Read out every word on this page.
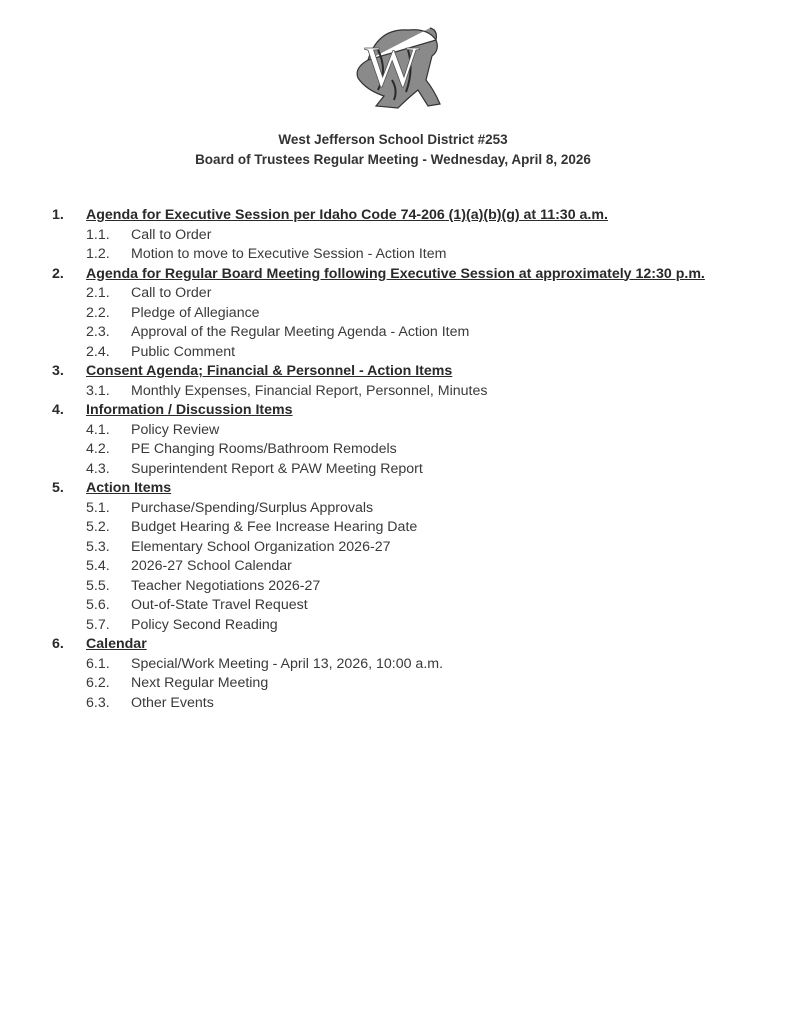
W
West Jefferson School District #253
Board of Trustees Regular Meeting - Wednesday, April 8, 2026
1. Agenda for Executive Session per Idaho Code 74-206 (1)(a)(b)(g) at 11:30 a.m.
1.1. Call to Order
1.2. Motion to move to Executive Session - Action Item
2. Agenda for Regular Board Meeting following Executive Session at approximately 12:30 p.m.
2.1. Call to Order
2.2. Pledge of Allegiance
2.3. Approval of the Regular Meeting Agenda - Action Item
2.4. Public Comment
3. Consent Agenda; Financial & Personnel - Action Items
3.1. Monthly Expenses, Financial Report, Personnel, Minutes
4. Information / Discussion Items
4.1. Policy Review
4.2. PE Changing Rooms/Bathroom Remodels
4.3. Superintendent Report & PAW Meeting Report
5. Action Items
5.1. Purchase/Spending/Surplus Approvals
5.2. Budget Hearing & Fee Increase Hearing Date
5.3. Elementary School Organization 2026-27
5.4. 2026-27 School Calendar
5.5. Teacher Negotiations 2026-27
5.6. Out-of-State Travel Request
5.7. Policy Second Reading
6. Calendar
6.1. Special/Work Meeting - April 13, 2026, 10:00 a.m.
6.2. Next Regular Meeting
6.3. Other Events
